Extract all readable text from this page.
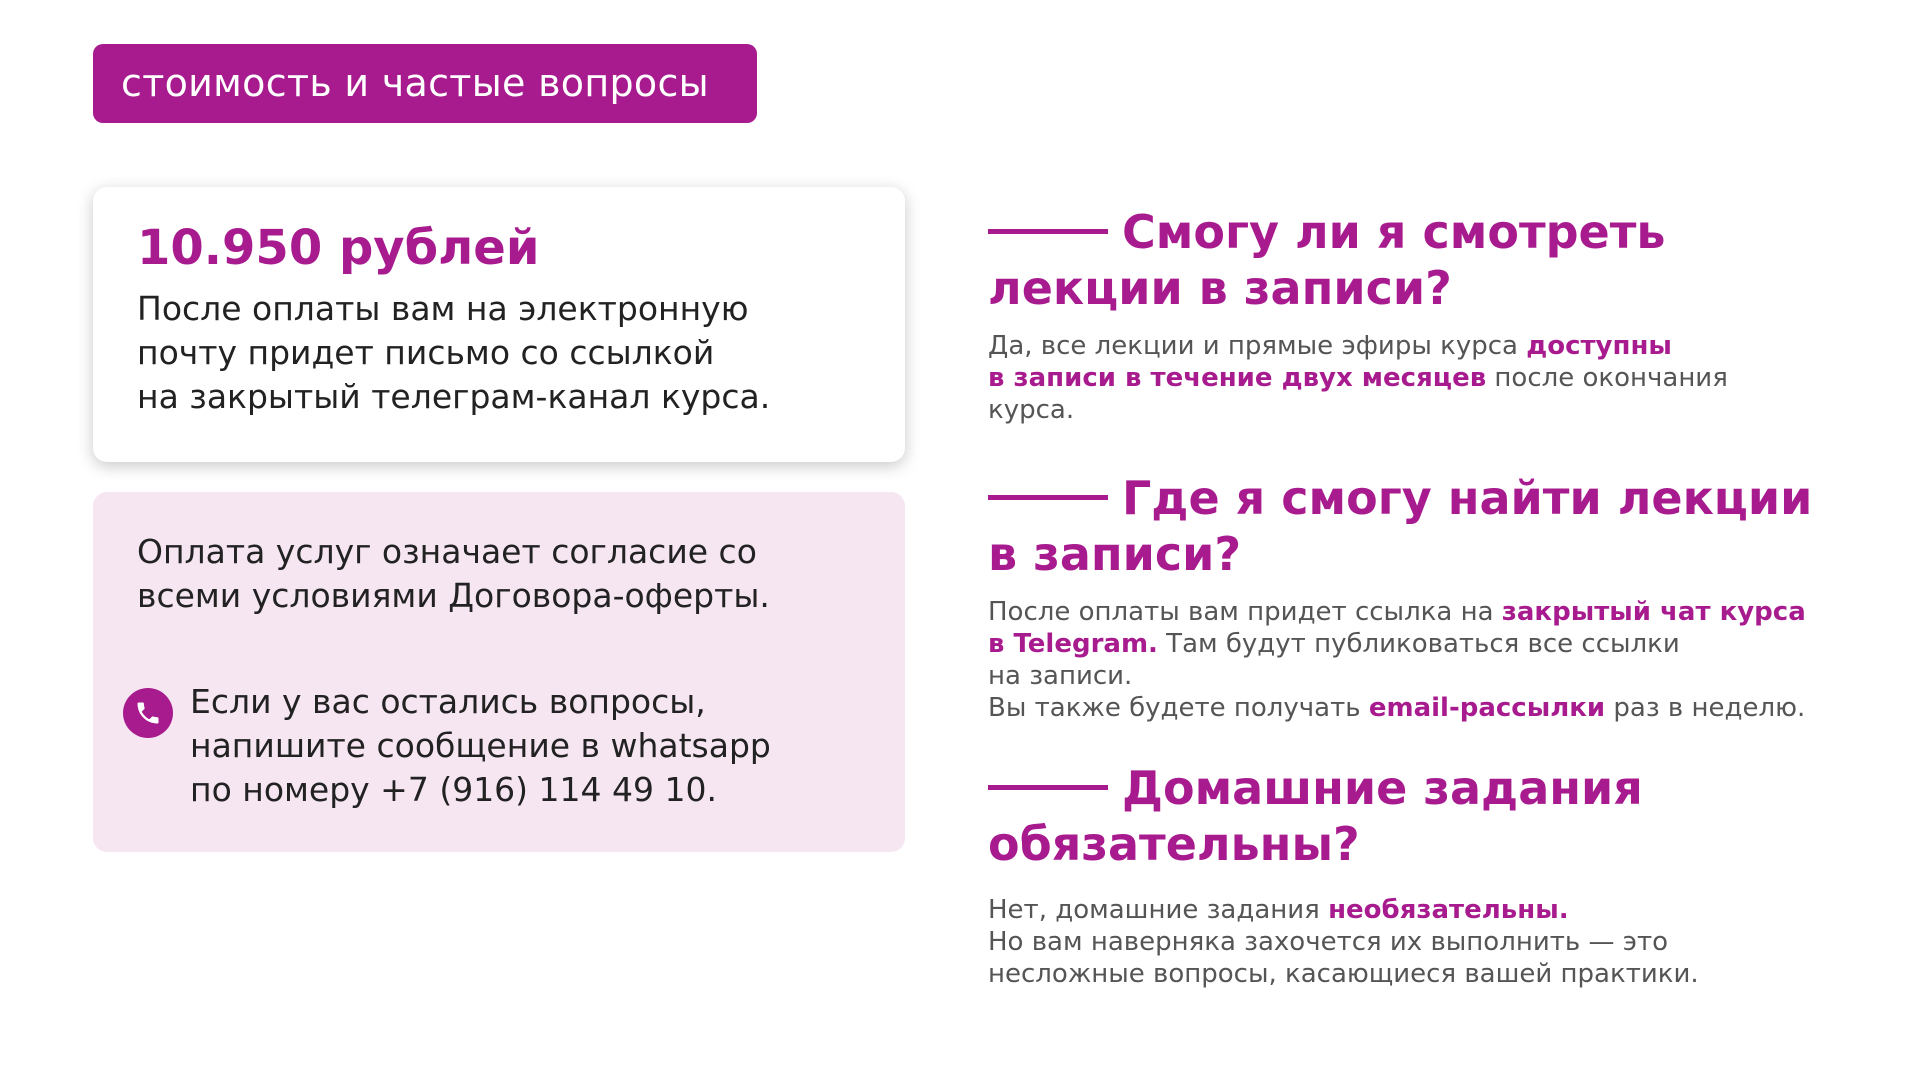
стоимость и частые вопросы
10.950 рублей
После оплаты вам на электронную
почту придет письмо со ссылкой
на закрытый телеграм-канал курса.
Оплата услуг означает согласие со
всеми условиями Договора-оферты.
Если у вас остались вопросы,
напишите сообщение в whatsapp
по номеру +7 (916) 114 49 10.
Смогу ли я смотреть
лекции в записи?
Да, все лекции и прямые эфиры курса доступны
в записи в течение двух месяцев после окончания
курса.
Где я смогу найти лекции
в записи?
После оплаты вам придет ссылка на закрытый чат курса
в Telegram. Там будут публиковаться все ссылки
на записи.
Вы также будете получать email-рассылки раз в неделю.
Домашние задания
обязательны?
Нет, домашние задания необязательны.
Но вам наверняка захочется их выполнить — это
несложные вопросы, касающиеся вашей практики.
